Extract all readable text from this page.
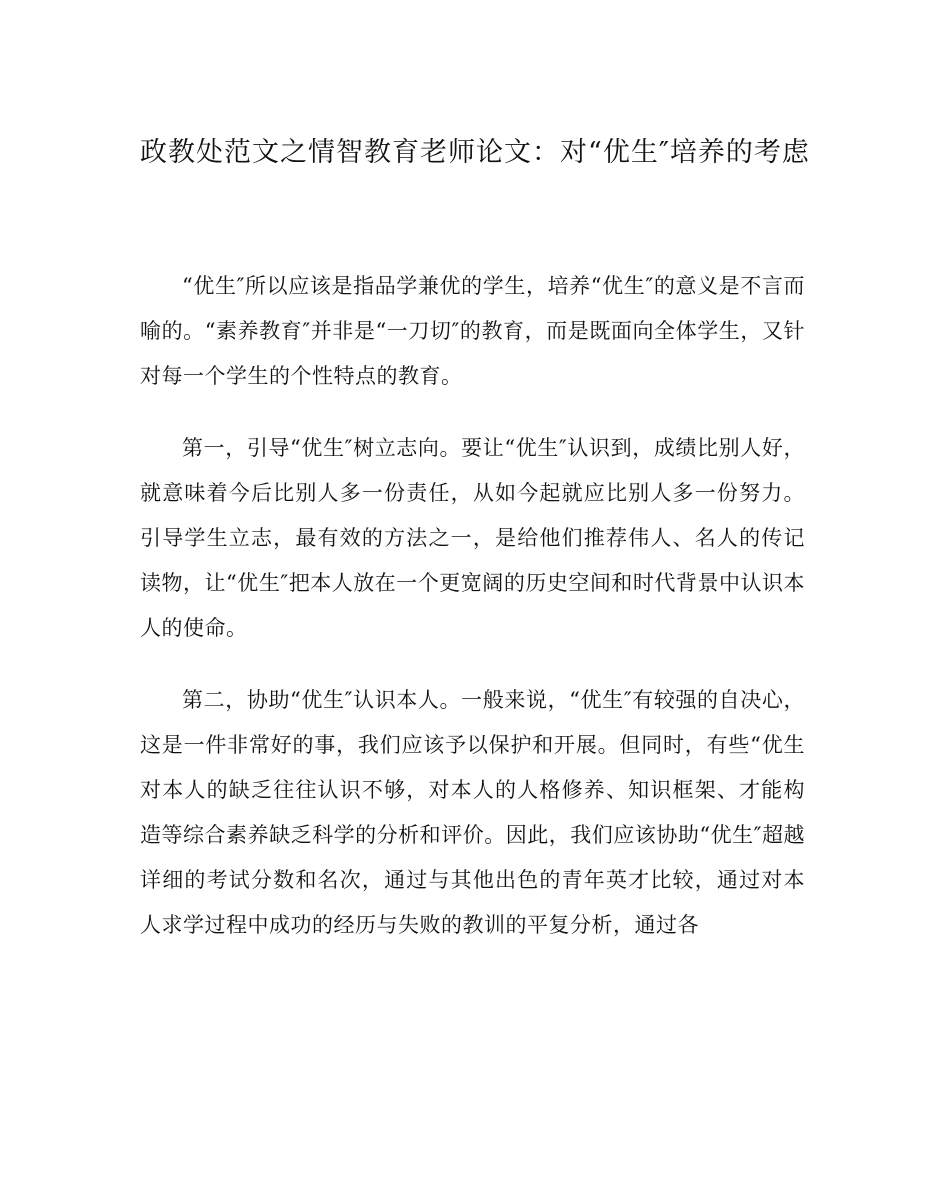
政教处范文之情智教育老师论文：对“优生″培养的考虑

“优生″所以应该是指品学兼优的学生，培养“优生″的意义是不言而喻的。“素养教育″并非是“一刀切″的教育，而是既面向全体学生，又针对每一个学生的个性特点的教育。

第一，引导“优生″树立志向。要让“优生″认识到，成绩比别人好，就意味着今后比别人多一份责任，从如今起就应比别人多一份努力。引导学生立志，最有效的方法之一，是给他们推荐伟人、名人的传记读物，让“优生″把本人放在一个更宽阔的历史空间和时代背景中认识本人的使命。

第二，协助“优生″认识本人。一般来说，“优生″有较强的自决心，这是一件非常好的事，我们应该予以保护和开展。但同时，有些“优生对本人的缺乏往往认识不够，对本人的人格修养、知识框架、才能构造等综合素养缺乏科学的分析和评价。因此，我们应该协助“优生″超越详细的考试分数和名次，通过与其他出色的青年英才比较，通过对本人求学过程中成功的经历与失败的教训的平复分析，通过各
